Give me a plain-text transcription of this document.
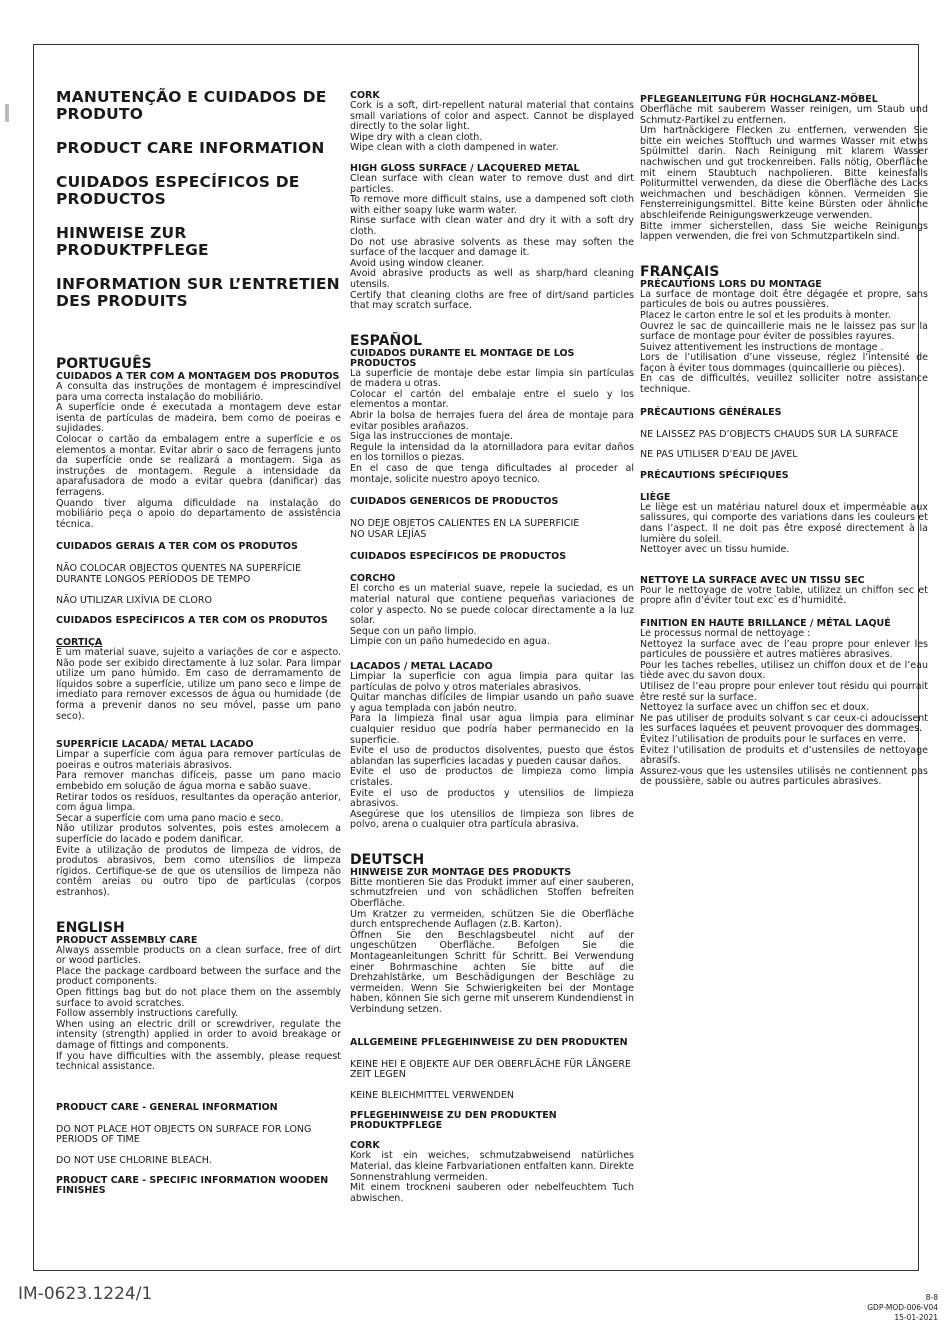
MANUTENÇÃO E CUIDADOS DE PRODUTO
PRODUCT CARE INFORMATION
CUIDADOS ESPECÍFICOS DE PRODUCTOS
HINWEISE ZUR PRODUKTPFLEGE
INFORMATION SUR L’ENTRETIEN DES PRODUITS
PORTUGUÊS
CUIDADOS A TER COM A MONTAGEM DOS PRODUTOS

A consulta das instruções de montagem é imprescindível para uma correcta instalação do mobiliário.

A superfície onde é executada a montagem deve estar isenta de partículas de madeira, bem como de poeiras e sujidades.

Colocar o cartão da embalagem entre a superfície e os elementos a montar. Evitar abrir o saco de ferragens junto da superfície onde se realizará a montagem. Siga as instruções de montagem. Regule a intensidade da aparafusadora de modo a evitar quebra (danificar) das ferragens.

Quando tiver alguma dificuldade na instalação do mobiliário peça o apoio do departamento de assistência técnica.

CUIDADOS GERAIS A TER COM OS PRODUTOS

NÃO COLOCAR OBJECTOS QUENTES NA SUPERFÍCIE DURANTE LONGOS PERÍODOS DE TEMPO

NÃO UTILIZAR LIXÍVIA DE CLORO

CUIDADOS ESPECÍFICOS A TER COM OS PRODUTOS
CORTIÇA

É um material suave, sujeito a variações de cor e aspecto. Não pode ser exibido directamente à luz solar. Para limpar utilize um pano húmido. Em caso de derramamento de líquidos sobre a superfície, utilize um pano seco e limpe de imediato para remover excessos de água ou humidade (de forma a prevenir danos no seu móvel, passe um pano seco).

SUPERFÍCIE LACADA/ METAL LACADO

Limpar a superfície com água para remover partículas de poeiras e outros materiais abrasivos.

Para remover manchas difíceis, passe um pano macio embebido em solução de água morna e sabão suave.

Retirar todos os resíduos, resultantes da operação anterior, com água limpa.

Secar a superfície com uma pano macio e seco.

Não utilizar produtos solventes, pois estes amolecem a superfície do lacado e podem danificar.

Evite a utilização de produtos de limpeza de vidros, de produtos abrasivos, bem como utensílios de limpeza rígidos. Certifique-se de que os utensílios de limpeza não contêm areias ou outro tipo de partículas (corpos estranhos).

ENGLISH
PRODUCT ASSEMBLY CARE

Always assemble products on a clean surface, free of dirt or wood particles.

Place the package cardboard between the surface and the product components.

Open fittings bag but do not place them on the assembly surface to avoid scratches.

Follow assembly instructions carefully.

When using an electric drill or screwdriver, regulate the intensity (strength) applied in order to avoid breakage or damage of fittings and components.

If you have difficulties with the assembly, please request technical assistance.

PRODUCT CARE - GENERAL INFORMATION

DO NOT PLACE HOT OBJECTS ON SURFACE FOR LONG PERIODS OF TIME

DO NOT USE CHLORINE BLEACH.

PRODUCT CARE - SPECIFIC INFORMATION WOODEN FINISHES
CORK

Cork is a soft, dirt-repellent natural material that contains small variations of color and aspect. Cannot be displayed directly to the solar light.

Wipe dry with a clean cloth.

Wipe clean with a cloth dampened in water.

HIGH GLOSS SURFACE / LACQUERED METAL

Clean surface with clean water to remove dust and dirt particles.

To remove more difficult stains, use a dampened soft cloth with either soapy luke warm water.

Rinse surface with clean water and dry it with a soft dry cloth.

Do not use abrasive solvents as these may soften the surface of the lacquer and damage it.

Avoid using window cleaner.

Avoid abrasive products as well as sharp/hard cleaning utensils.

Certify that cleaning cloths are free of dirt/sand particles that may scratch surface.

ESPAÑOL
CUIDADOS DURANTE EL MONTAGE DE LOS PRODUCTOS

La superficie de montaje debe estar limpia sin partículas de madera u otras.

Colocar el cartón del embalaje entre el suelo y los elementos a montar.

Abrir la bolsa de herrajes fuera del área de montaje para evitar posibles arañazos.

Siga las instrucciones de montaje.

Regule la intensidad da la atornilladora para evitar daños en los tornillos o piezas.

En el caso de que tenga dificultades al proceder al montaje, solicite nuestro apoyo tecnico.

CUIDADOS GENERICOS DE PRODUCTOS

NO DEJE OBJETOS CALIENTES EN LA SUPERFICIE

NO USAR LEJÍAS

CUIDADOS ESPECÍFICOS DE PRODUCTOS
CORCHO

El corcho es un material suave, repele la suciedad, es un material natural que contiene pequeñas variaciones de color y aspecto. No se puede colocar directamente a la luz solar.

Seque con un paño limpio.

Limpie con un paño humedecido en agua.

LACADOS / METAL LACADO

Limpiar la superficie con agua limpia para quitar las partículas de polvo y otros materiales abrasivos.

Quitar manchas difíciles de limpiar usando un paño suave y agua templada con jabón neutro.

Para la limpieza final usar agua limpia para eliminar cualquier residuo que podría haber permanecido en la superficie.

Evite el uso de productos disolventes, puesto que éstos ablandan las superficies lacadas y pueden causar daños.

Evite el uso de productos de limpieza como limpia cristales.

Evite el uso de productos y utensilios de limpieza abrasivos.

Asegúrese que los utensilios de limpieza son libres de polvo, arena o cualquier otra partícula abrasiva.

DEUTSCH
HINWEISE ZUR MONTAGE DES PRODUKTS

Bitte montieren Sie das Produkt immer auf einer sauberen, schmutzfreien und von schädlichen Stoffen befreiten Oberfläche.

Um Kratzer zu vermeiden, schützen Sie die Oberfläche durch entsprechende Auflagen (z.B. Karton).

Öffnen Sie den Beschlagsbeutel nicht auf der ungeschützen Oberfläche. Befolgen Sie die Montageanleitungen Schritt für Schritt. Bei Verwendung einer Bohrmaschine achten Sie bitte auf die Drehzahlstärke, um Beschädigungen der Beschläge zu vermeiden. Wenn Sie Schwierigkeiten bei der Montage haben, können Sie sich gerne mit unserem Kundendienst in Verbindung setzen.

ALLGEMEINE PFLEGEHINWEISE ZU DEN PRODUKTEN

KEINE HEI E OBJEKTE AUF DER OBERFLÄCHE FÜR LÄNGERE ZEIT LEGEN

KEINE BLEICHMITTEL VERWENDEN

PFLEGEHINWEISE ZU DEN PRODUKTEN PRODUKTPFLEGE
CORK

Kork ist ein weiches, schmutzabweisend natürliches Material, das kleine Farbvariationen entfalten kann. Direkte Sonnenstrahlung vermeiden.

Mit einem trockneni sauberen oder nebelfeuchtem Tuch abwischen.

PFLEGEANLEITUNG FÜR HOCHGLANZ-MÖBEL

Oberfläche mit sauberem Wasser reinigen, um Staub und Schmutz-Partikel zu entfernen.

Um hartnäckigere Flecken zu entfernen, verwenden Sie bitte ein weiches Stofftuch und warmes Wasser mit etwas Spülmittel darin. Nach Reinigung mit klarem Wasser nachwischen und gut trockenreiben. Falls nötig, Oberfläche mit einem Staubtuch nachpolieren. Bitte keinesfalls Politurmittel verwenden, da diese die Oberfläche des Lacks weichmachen und beschädigen können. Vermeiden Sie Fensterreinigungsmittel. Bitte keine Bürsten oder ähnliche abschleifende Reinigungswerkzeuge verwenden.

Bitte immer sicherstellen, dass Sie weiche Reinigungs lappen verwenden, die frei von Schmutzpartikeln sind.

FRANÇAIS
PRÉCAUTIONS LORS DU MONTAGE

La surface de montage doit être dégagée et propre, sans particules de bois ou autres poussières.

Placez le carton entre le sol et les produits à monter.

Ouvrez le sac de quincaillerie mais ne le laissez pas sur la surface de montage pour éviter de possibles rayures.

Suivez attentivement les instructions de montage .

Lors de l’utilisation d’une visseuse, réglez l’intensité de façon à éviter tous dommages (quincaillerie ou pièces).

En cas de difficultés, veuillez solliciter notre assistance technique.

PRÉCAUTIONS GÉNÉRALES

NE LAISSEZ PAS D’OBJECTS CHAUDS SUR LA SURFACE

NE PAS UTILISER D’EAU DE JAVEL

PRÉCAUTIONS SPÉCIFIQUES
LIÈGE

Le liège est un matériau naturel doux et imperméable aux salissures, qui comporte des variations dans les couleurs et dans l’aspect. Il ne doit pas être exposé directement à la lumière du soleil.

Nettoyer avec un tissu humide.

NETTOYE LA SURFACE AVEC UN TISSU SEC

Pour le nettoyage de votre table, utilizez un chiffon sec et propre afin d’éviter tout exc`es d’humidité.

FINITION EN HAUTE BRILLANCE / MÉTAL LAQUÉ

Le processus normal de nettoyage :

Nettoyez la surface avec de l’eau propre pour enlever les particules de poussière et autres matières abrasives.

Pour les taches rebelles, utilisez un chiffon doux et de l’eau tiède avec du savon doux.

Utilisez de l’eau propre pour enlever tout résidu qui pourrait être resté sur la surface.

Nettoyez la surface avec un chiffon sec et doux.

Ne pas utiliser de produits solvant s car ceux-ci adoucissent les surfaces laquées et peuvent provoquer des dommages.

Évitez l’utilisation de produits pour le surfaces en verre.

Évitez l’utilisation de produits et d’ustensiles de nettoyage abrasifs.

Assurez-vous que les ustensiles utilisés ne contiennent pas de poussière, sable ou autres particules abrasives.

IM-0623.1224/1	8-8
GDP-MOD-006-V04
15-01-2021
